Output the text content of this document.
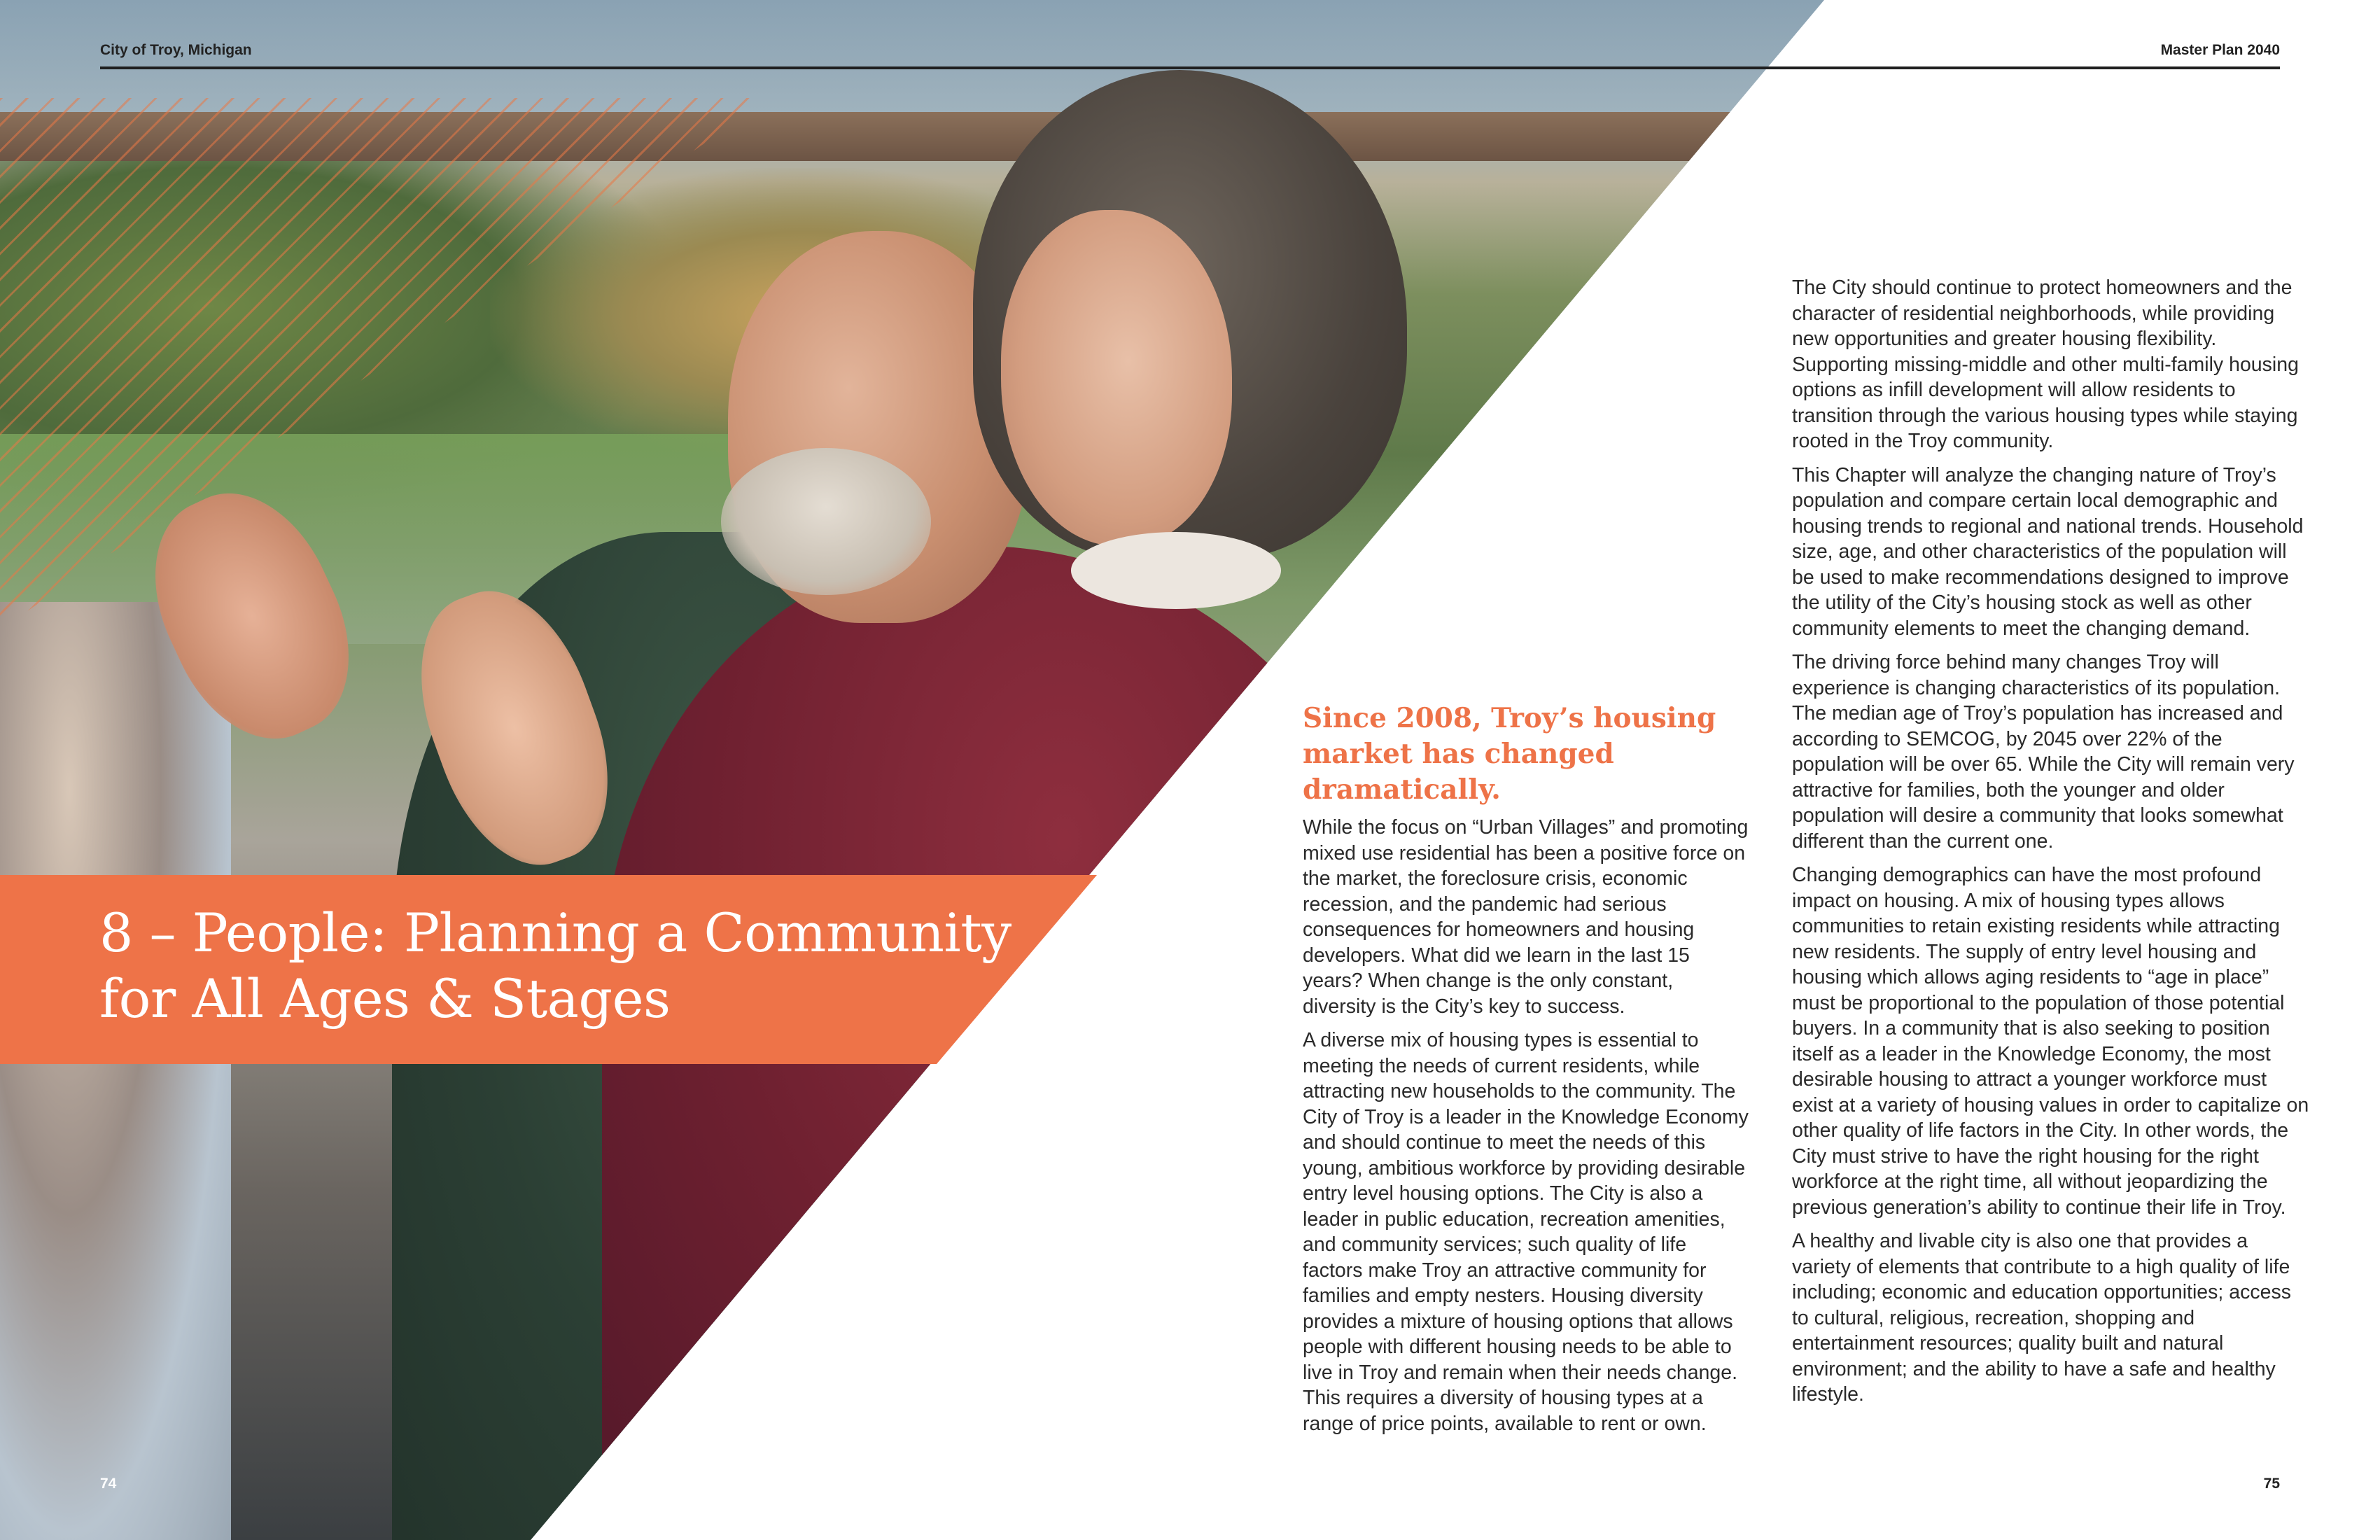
City of Troy, Michigan	Master Plan 2040
8 – People: Planning a Community
for All Ages & Stages
Since 2008, Troy’s housing market has changed dramatically.

While the focus on “Urban Villages” and promoting mixed use residential has been a positive force on the market, the foreclosure crisis, economic recession, and the pandemic had serious consequences for homeowners and housing developers. What did we learn in the last 15 years? When change is the only constant, diversity is the City’s key to success.

A diverse mix of housing types is essential to meeting the needs of current residents, while attracting new households to the community. The City of Troy is a leader in the Knowledge Economy and should continue to meet the needs of this young, ambitious workforce by providing desirable entry level housing options. The City is also a leader in public education, recreation amenities, and community services; such quality of life factors make Troy an attractive community for families and empty nesters. Housing diversity provides a mixture of housing options that allows people with different housing needs to be able to live in Troy and remain when their needs change. This requires a diversity of housing types at a range of price points, available to rent or own.

The City should continue to protect homeowners and the character of residential neighborhoods, while providing new opportunities and greater housing flexibility. Supporting missing-middle and other multi-family housing options as infill development will allow residents to transition through the various housing types while staying rooted in the Troy community.

This Chapter will analyze the changing nature of Troy’s population and compare certain local demographic and housing trends to regional and national trends. Household size, age, and other characteristics of the population will be used to make recommendations designed to improve the utility of the City’s housing stock as well as other community elements to meet the changing demand.

The driving force behind many changes Troy will experience is changing characteristics of its population. The median age of Troy’s population has increased and according to SEMCOG, by 2045 over 22% of the population will be over 65. While the City will remain very attractive for families, both the younger and older population will desire a community that looks somewhat different than the current one.

Changing demographics can have the most profound impact on housing. A mix of housing types allows communities to retain existing residents while attracting new residents. The supply of entry level housing and housing which allows aging residents to “age in place” must be proportional to the population of those potential buyers. In a community that is also seeking to position itself as a leader in the Knowledge Economy, the most desirable housing to attract a younger workforce must exist at a variety of housing values in order to capitalize on other quality of life factors in the City. In other words, the City must strive to have the right housing for the right workforce at the right time, all without jeopardizing the previous generation’s ability to continue their life in Troy.

A healthy and livable city is also one that provides a variety of elements that contribute to a high quality of life including; economic and education opportunities; access to cultural, religious, recreation, shopping and entertainment resources; quality built and natural environment; and the ability to have a safe and healthy lifestyle.

74	75
